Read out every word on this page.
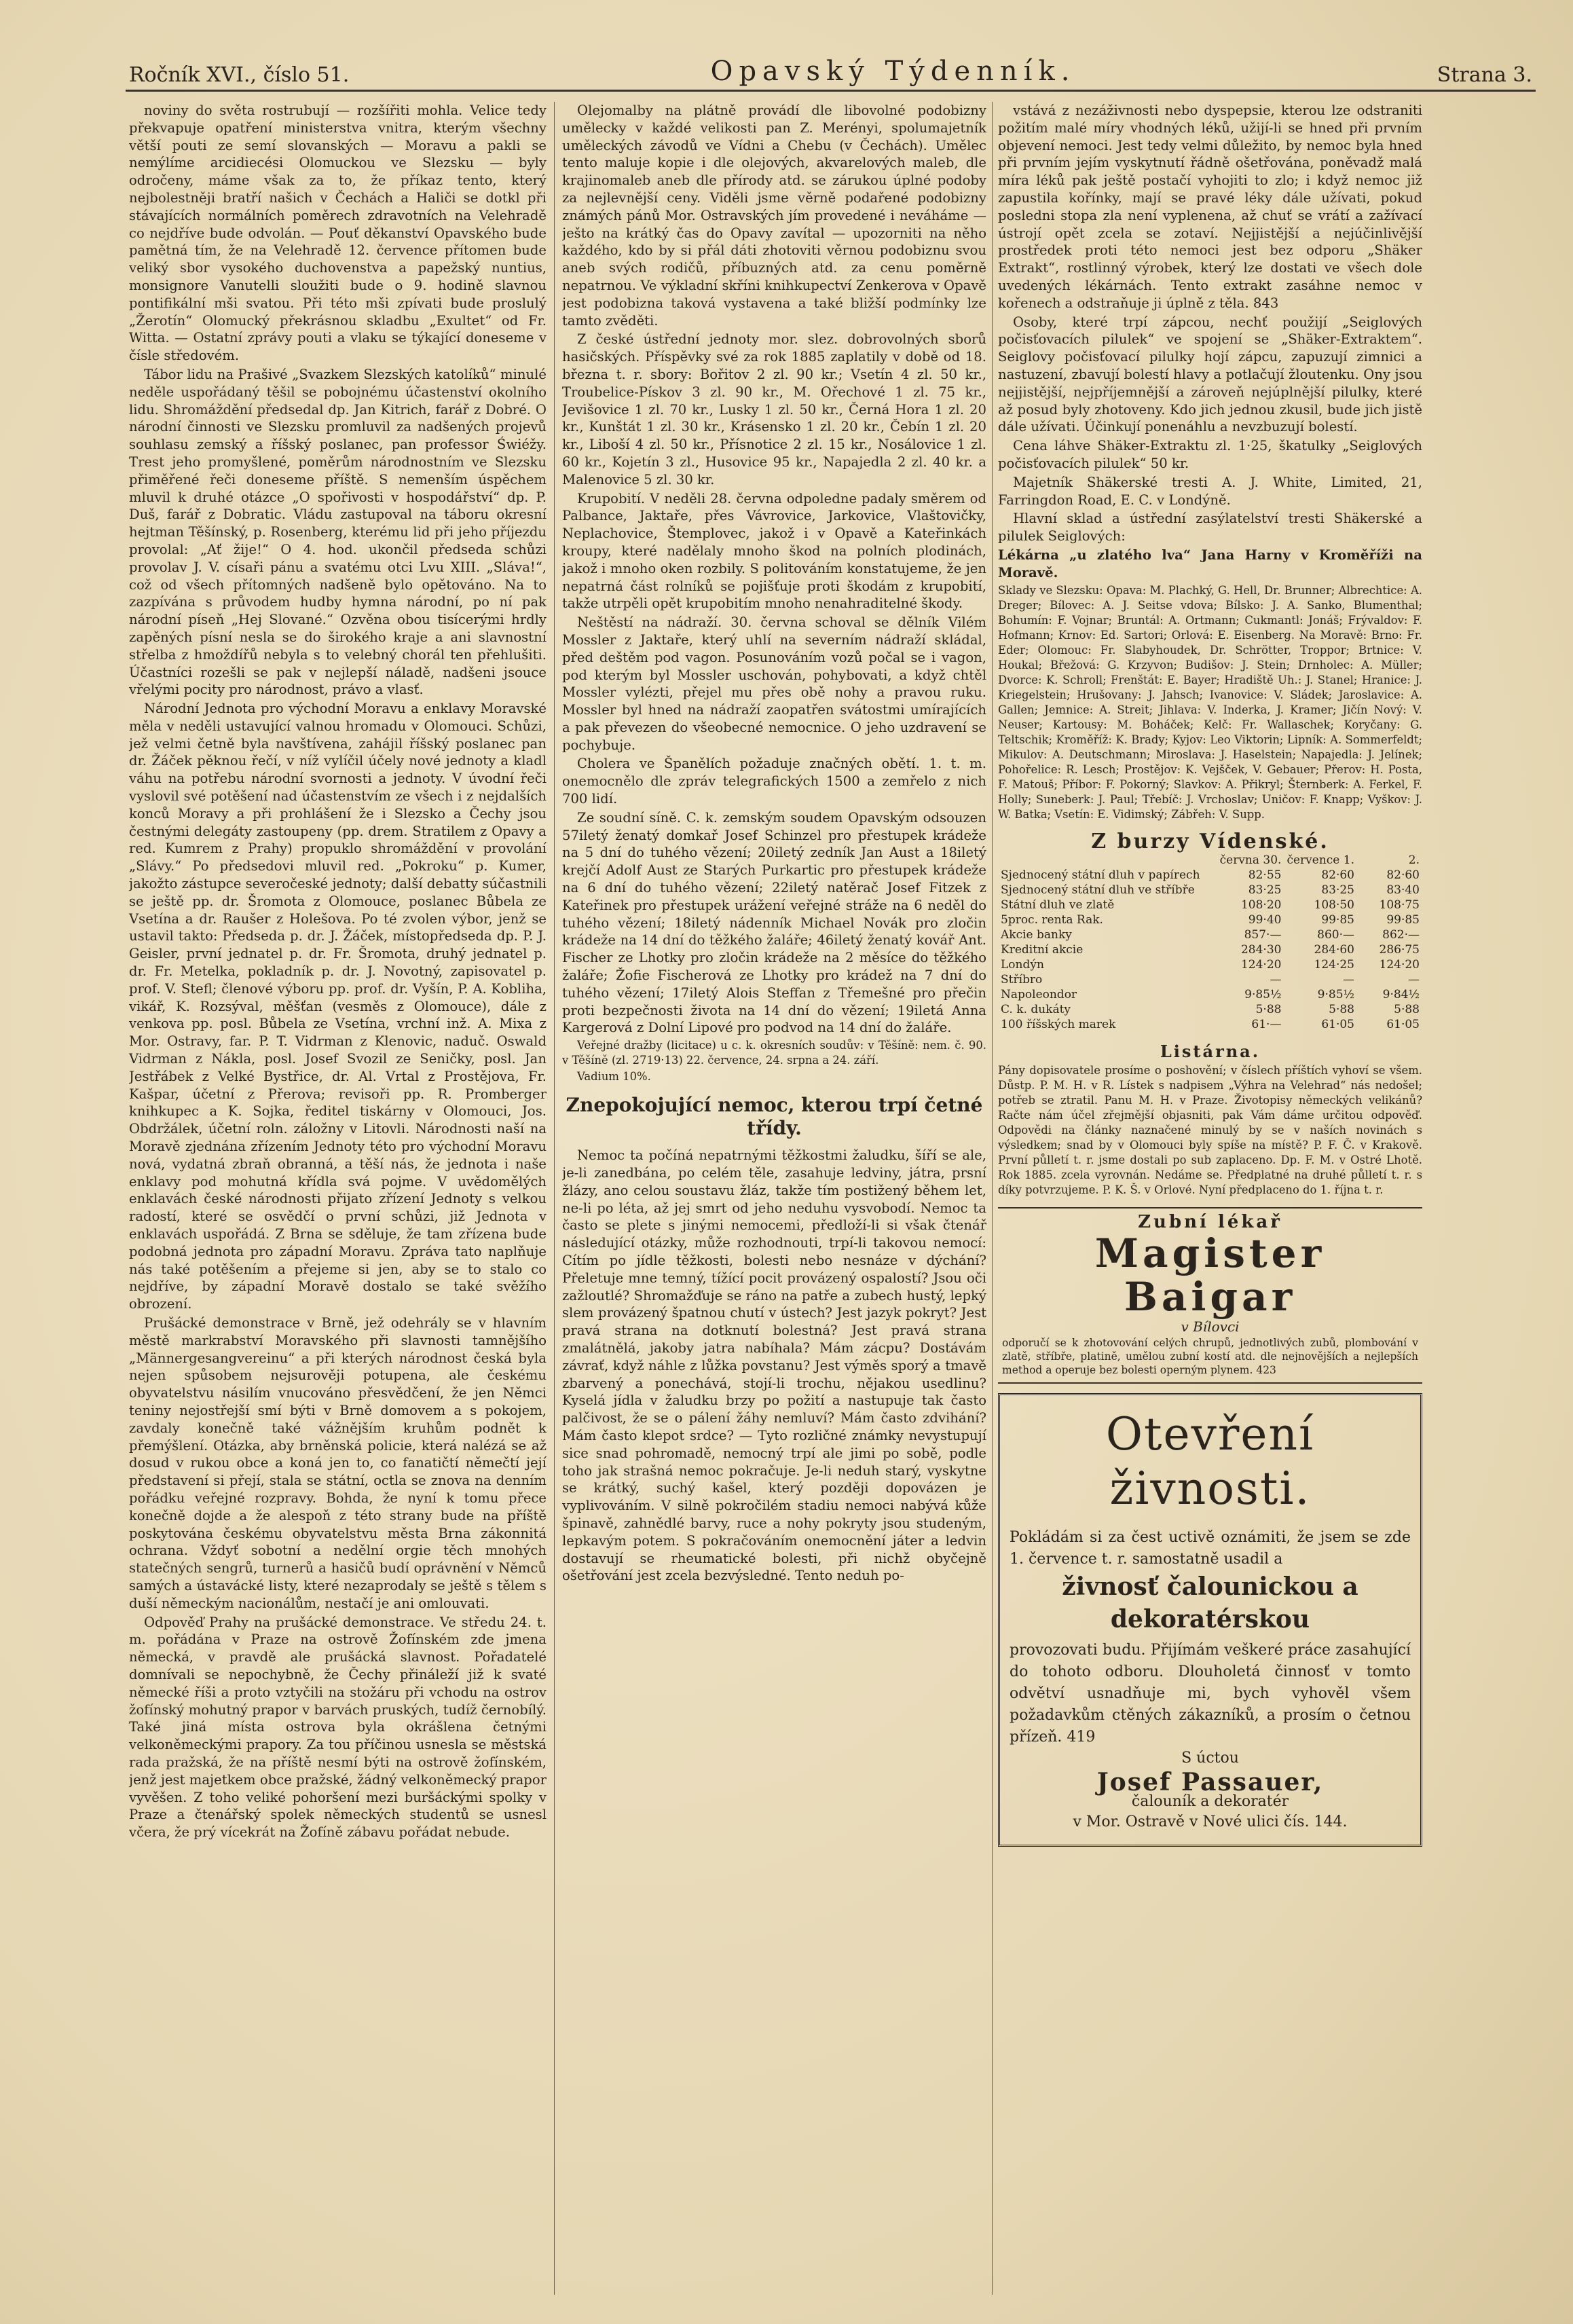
Ročník XVI., číslo 51.	Opavský Týdenník.	Strana 3.

noviny do světa rostrubují — rozšířiti mohla. Velice tedy překvapuje opatření ministerstva vnitra, kterým všechny větší pouti ze semí slovanských — Moravu a pakli se nemýlíme arcidiecési Olomuckou ve Slezsku — byly odročeny, máme však za to, že příkaz tento, který nejbolestněji bratří našich v Čechách a Haliči se dotkl při stávajících normálních poměrech zdravotních na Velehradě co nejdříve bude odvolán. — Pouť děkanství Opavského bude pamětná tím, že na Velehradě 12. července přítomen bude veliký sbor vysokého duchovenstva a papežský nuntius, monsignore Vanutelli sloužiti bude o 9. hodině slavnou pontifikální mši svatou. Při této mši zpívati bude proslulý „Žerotín“ Olomucký překrásnou skladbu „Exultet“ od Fr. Witta. — Ostatní zprávy pouti a vlaku se týkající doneseme v čísle středovém.

Tábor lidu na Prašivé „Svazkem Slezských katolíků“ minulé neděle uspořádaný těšil se pobojnému účastenství okolního lidu. Shromáždění předsedal dp. Jan Kitrich, farář z Dobré. O národní činnosti ve Slezsku promluvil za nadšených projevů souhlasu zemský a říšský poslanec, pan professor Świéžy. Trest jeho promyšlené, poměrům národnostním ve Slezsku přiměřené řeči doneseme příště. S nemenším úspěchem mluvil k druhé otázce „O spořivosti v hospodářství“ dp. P. Duš, farář z Dobratic. Vládu zastupoval na táboru okresní hejtman Těšínský, p. Rosenberg, kterému lid při jeho příjezdu provolal: „Ať žije!“ O 4. hod. ukončil předseda schůzi provolav J. V. císaři pánu a svatému otci Lvu XIII. „Sláva!“, což od všech přítomných nadšeně bylo opětováno. Na to zazpívána s průvodem hudby hymna národní, po ní pak národní píseň „Hej Slované.“ Ozvěna obou tisícerými hrdly zapěných písní nesla se do širokého kraje a ani slavnostní střelba z hmoždířů nebyla s to velebný chorál ten přehlušiti. Účastníci rozešli se pak v nejlepší náladě, nadšeni jsouce vřelými pocity pro národnost, právo a vlasť.

Národní Jednota pro východní Moravu a enklavy Moravské měla v neděli ustavující valnou hromadu v Olomouci. Schůzi, jež velmi četně byla navštívena, zahájil říšský poslanec pan dr. Žáček pěknou řečí, v níž vylíčil účely nové jednoty a kladl váhu na potřebu národní svornosti a jednoty. V úvodní řeči vyslovil své potěšení nad účastenstvím ze všech i z nejdalších konců Moravy a při prohlášení že i Slezsko a Čechy jsou čestnými delegáty zastoupeny (pp. drem. Stratilem z Opavy a red. Kumrem z Prahy) propuklo shromáždění v provolání „Slávy.“ Po předsedovi mluvil red. „Pokroku“ p. Kumer, jakožto zástupce severočeské jednoty; další debatty súčastnili se ještě pp. dr. Šromota z Olomouce, poslanec Bůbela ze Vsetína a dr. Raušer z Holešova. Po té zvolen výbor, jenž se ustavil takto: Předseda p. dr. J. Žáček, místopředseda dp. P. J. Geisler, první jednatel p. dr. Fr. Šromota, druhý jednatel p. dr. Fr. Metelka, pokladník p. dr. J. Novotný, zapisovatel p. prof. V. Stefl; členové výboru pp. prof. dr. Vyšín, P. A. Kobliha, vikář, K. Rozsýval, měšťan (vesměs z Olomouce), dále z venkova pp. posl. Bůbela ze Vsetína, vrchní inž. A. Mixa z Mor. Ostravy, far. P. T. Vidrman z Klenovic, naduč. Oswald Vidrman z Nákla, posl. Josef Svozil ze Seničky, posl. Jan Jestřábek z Velké Bystřice, dr. Al. Vrtal z Prostějova, Fr. Kašpar, účetní z Přerova; revisoři pp. R. Promberger knihkupec a K. Sojka, ředitel tiskárny v Olomouci, Jos. Obdržálek, účetní roln. záložny v Litovli. Národnosti naší na Moravě zjednána zřízením Jednoty této pro východní Moravu nová, vydatná zbraň obranná, a těší nás, že jednota i naše enklavy pod mohutná křídla svá pojme. V uvědomělých enklavách české národnosti přijato zřízení Jednoty s velkou radostí, které se osvědčí o první schůzi, již Jednota v enklavách uspořádá. Z Brna se sděluje, že tam zřízena bude podobná jednota pro západní Moravu. Zpráva tato naplňuje nás také potěšením a přejeme si jen, aby se to stalo co nejdříve, by západní Moravě dostalo se také svěžího obrození.

Prušácké demonstrace v Brně, jež odehrály se v hlavním městě markrabství Moravského při slavnosti tamnějšího „Männergesangvereinu“ a při kterých národnost česká byla nejen spůsobem nejsurověji potupena, ale českému obyvatelstvu násilím vnucováno přesvědčení, že jen Němci teniny nejostřejší smí býti v Brně domovem a s pokojem, zavdaly konečně také vážnějším kruhům podnět k přemýšlení. Otázka, aby brněnská policie, která nalézá se až dosud v rukou obce a koná jen to, co fanatičtí němečtí její představení si přejí, stala se státní, octla se znova na denním pořádku veřejné rozpravy. Bohda, že nyní k tomu přece konečně dojde a že alespoň z této strany bude na příště poskytována českému obyvatelstvu města Brna zákonnitá ochrana. Vždyť sobotní a nedělní orgie těch mnohých statečných sengrů, turnerů a hasičů budí oprávnění v Němců samých a ústavácké listy, které nezaprodaly se ještě s tělem s duší německým nacionálům, nestačí je ani omlouvati.

Odpověď Prahy na prušácké demonstrace. Ve středu 24. t. m. pořádána v Praze na ostrově Žofínském zde jmena německá, v pravdě ale prušácká slavnost. Pořadatelé domnívali se nepochybně, že Čechy přináleží již k svaté německé říši a proto vztyčili na stožáru při vchodu na ostrov žofínský mohutný prapor v barvách pruských, tudíž černobílý. Také jiná místa ostrova byla okrášlena četnými velkoněmeckými prapory. Za tou příčinou usnesla se městská rada pražská, že na příště nesmí býti na ostrově žofínském, jenž jest majetkem obce pražské, žádný velkoněmecký prapor vyvěšen. Z toho veliké pohoršení mezi buršáckými spolky v Praze a čtenářský spolek německých studentů se usnesl včera, že prý vícekrát na Žofíně zábavu pořádat nebude.

Olejomalby na plátně provádí dle libovolné podobizny umělecky v každé velikosti pan Z. Merényi, spolumajetník uměleckých závodů ve Vídni a Chebu (v Čechách). Umělec tento maluje kopie i dle olejových, akvarelových maleb, dle krajinomaleb aneb dle přírody atd. se zárukou úplné podoby za nejlevnější ceny. Viděli jsme věrně podařené podobizny známých pánů Mor. Ostravských jím provedené i neváháme — ješto na krátký čas do Opavy zavítal — upozorniti na něho každého, kdo by si přál dáti zhotoviti věrnou podobiznu svou aneb svých rodičů, příbuzných atd. za cenu poměrně nepatrnou. Ve výkladní skříni knihkupectví Zenkerova v Opavě jest podobizna taková vystavena a také bližší podmínky lze tamto zvěděti.

Z české ústřední jednoty mor. slez. dobrovolných sborů hasičských. Příspěvky své za rok 1885 zaplatily v době od 18. března t. r. sbory: Bořitov 2 zl. 90 kr.; Vsetín 4 zl. 50 kr., Troubelice-Pískov 3 zl. 90 kr., M. Ořechové 1 zl. 75 kr., Jevišovice 1 zl. 70 kr., Lusky 1 zl. 50 kr., Černá Hora 1 zl. 20 kr., Kunštát 1 zl. 30 kr., Krásensko 1 zl. 20 kr., Čebín 1 zl. 20 kr., Liboší 4 zl. 50 kr., Přísnotice 2 zl. 15 kr., Nosálovice 1 zl. 60 kr., Kojetín 3 zl., Husovice 95 kr., Napajedla 2 zl. 40 kr. a Malenovice 5 zl. 30 kr.

Krupobití. V neděli 28. června odpoledne padaly směrem od Palbance, Jaktaře, přes Vávrovice, Jarkovice, Vlaštovičky, Neplachovice, Štemplovec, jakož i v Opavě a Kateřinkách kroupy, které nadělaly mnoho škod na polních plodinách, jakož i mnoho oken rozbily. S politováním konstatujeme, že jen nepatrná část rolníků se pojišťuje proti škodám z krupobití, takže utrpěli opět krupobitím mnoho nenahraditelné škody.

Neštěstí na nádraží. 30. června schoval se dělník Vilém Mossler z Jaktaře, který uhlí na severním nádraží skládal, před deštěm pod vagon. Posunováním vozů počal se i vagon, pod kterým byl Mossler uschován, pohybovati, a když chtěl Mossler vylézti, přejel mu přes obě nohy a pravou ruku. Mossler byl hned na nádraží zaopatřen svátostmi umírajících a pak převezen do všeobecné nemocnice. O jeho uzdravení se pochybuje.

Cholera ve Španělích požaduje značných obětí. 1. t. m. onemocnělo dle zpráv telegrafických 1500 a zemřelo z nich 700 lidí.

Ze soudní síně. C. k. zemským soudem Opavským odsouzen 57iletý ženatý domkař Josef Schinzel pro přestupek krádeže na 5 dní do tuhého vězení; 20iletý zedník Jan Aust a 18iletý krejčí Adolf Aust ze Starých Purkartic pro přestupek krádeže na 6 dní do tuhého vězení; 22iletý natěrač Josef Fitzek z Kateřinek pro přestupek urážení veřejné stráže na 6 neděl do tuhého vězení; 18iletý nádenník Michael Novák pro zločin krádeže na 14 dní do těžkého žaláře; 46iletý ženatý kovář Ant. Fischer ze Lhotky pro zločin krádeže na 2 měsíce do těžkého žaláře; Žofie Fischerová ze Lhotky pro krádež na 7 dní do tuhého vězení; 17iletý Alois Steffan z Třemešné pro přečin proti bezpečnosti života na 14 dní do vězení; 19iletá Anna Kargerová z Dolní Lipové pro podvod na 14 dní do žaláře.

Veřejné dražby (licitace) u c. k. okresních soudův: v Těšíně: nem. č. 90. v Těšíně (zl. 2719·13) 22. července, 24. srpna a 24. září.

Vadium 10%.

Znepokojující nemoc, kterou trpí četné třídy.

Nemoc ta počíná nepatrnými těžkostmi žaludku, šíří se ale, je-li zanedbána, po celém těle, zasahuje ledviny, játra, prsní žlázy, ano celou soustavu žláz, takže tím postižený během let, ne-li po léta, až jej smrt od jeho neduhu vysvobodí. Nemoc ta často se plete s jinými nemocemi, předloží-li si však čtenář následující otázky, může rozhodnouti, trpí-li takovou nemocí: Cítím po jídle těžkosti, bolesti nebo nesnáze v dýchání? Přeletuje mne temný, tížící pocit provázený ospalostí? Jsou oči zažloutlé? Shromažďuje se ráno na patře a zubech hustý, lepký slem provázený špatnou chutí v ústech? Jest jazyk pokryt? Jest pravá strana na dotknutí bolestná? Jest pravá strana zmalátnělá, jakoby jatra nabíhala? Mám zácpu? Dostávám závrať, když náhle z lůžka povstanu? Jest výměs sporý a tmavě zbarvený a ponechává, stojí-li trochu, nějakou usedlinu? Kyselá jídla v žaludku brzy po požití a nastupuje tak často palčivost, že se o pálení žáhy nemluví? Mám často zdvihání? Mám často klepot srdce? — Tyto rozličné známky nevystupují sice snad pohromadě, nemocný trpí ale jimi po sobě, podle toho jak strašná nemoc pokračuje. Je-li neduh starý, vyskytne se krátký, suchý kašel, který později dopovázen je vyplivováním. V silně pokročilém stadiu nemoci nabývá kůže špinavě, zahnědlé barvy, ruce a nohy pokryty jsou studeným, lepkavým potem. S pokračováním onemocnění játer a ledvin dostavují se rheumatické bolesti, při nichž obyčejně ošetřování jest zcela bezvýsledné. Tento neduh po-

vstává z nezáživnosti nebo dyspepsie, kterou lze odstraniti požitím malé míry vhodných léků, užijí-li se hned při prvním objevení nemoci. Jest tedy velmi důležito, by nemoc byla hned při prvním jejím vyskytnutí řádně ošetřována, poněvadž malá míra léků pak ještě postačí vyhojiti to zlo; i když nemoc již zapustila kořínky, mají se pravé léky dále užívati, pokud posledni stopa zla není vyplenena, až chuť se vrátí a zažívací ústrojí opět zcela se zotaví. Nejjistější a nejúčinlivější prostředek proti této nemoci jest bez odporu „Shäker Extrakt“, rostlinný výrobek, který lze dostati ve všech dole uvedených lékárnách. Tento extrakt zasáhne nemoc v kořenech a odstraňuje ji úplně z těla. 843

Osoby, které trpí zápcou, nechť použijí „Seiglových počisťovacích pilulek“ ve spojení se „Shäker-Extraktem“. Seiglovy počisťovací pilulky hojí zápcu, zapuzují zimnici a nastuzení, zbavují bolestí hlavy a potlačují žloutenku. Ony jsou nejjistější, nejpříjemnější a zároveň nejúplnější pilulky, které až posud byly zhotoveny. Kdo jich jednou zkusil, bude jich jistě dále užívati. Účinkují ponenáhlu a nevzbuzují bolestí.

Cena láhve Shäker-Extraktu zl. 1·25, škatulky „Seiglových počisťovacích pilulek“ 50 kr.

Majetník Shäkerské tresti A. J. White, Limited, 21, Farringdon Road, E. C. v Londýně.

Hlavní sklad a ústřední zasýlatelství tresti Shäkerské a pilulek Seiglových:

Lékárna „u zlatého lva“ Jana Harny v Kroměříži na Moravě.

Sklady ve Slezsku: Opava: M. Plachký, G. Hell, Dr. Brunner; Albrechtice: A. Dreger; Bílovec: A. J. Seitse vdova; Bílsko: J. A. Sanko, Blumenthal; Bohumín: F. Vojnar; Bruntál: A. Ortmann; Cukmantl: Jonáš; Frývaldov: F. Hofmann; Krnov: Ed. Sartori; Orlová: E. Eisenberg. Na Moravě: Brno: Fr. Eder; Olomouc: Fr. Slabyhoudek, Dr. Schrötter, Troppor; Brtnice: V. Houkal; Břežová: G. Krzyvon; Budišov: J. Stein; Drnholec: A. Müller; Dvorce: K. Schroll; Frenštát: E. Bayer; Hradiště Uh.: J. Stanel; Hranice: J. Kriegelstein; Hrušovany: J. Jahsch; Ivanovice: V. Sládek; Jaroslavice: A. Gallen; Jemnice: A. Streit; Jihlava: V. Inderka, J. Kramer; Jičín Nový: V. Neuser; Kartousy: M. Boháček; Kelč: Fr. Wallaschek; Koryčany: G. Teltschik; Kroměříž: K. Brady; Kyjov: Leo Viktorin; Lipník: A. Sommerfeldt; Mikulov: A. Deutschmann; Miroslava: J. Haselstein; Napajedla: J. Jelínek; Pohořelice: R. Lesch; Prostějov: K. Vejšček, V. Gebauer; Přerov: H. Posta, F. Matouš; Příbor: F. Pokorný; Slavkov: A. Přikryl; Šternberk: A. Ferkel, F. Holly; Suneberk: J. Paul; Třebíč: J. Vrchoslav; Uničov: F. Knapp; Vyškov: J. W. Batka; Vsetín: E. Vidimský; Zábřeh: V. Supp.

Z burzy Vídenské.
	června 30.	července 1.	2.
Sjednocený státní dluh v papírech	82·55	82·60	82·60
Sjednocený státní dluh ve stříbře	83·25	83·25	83·40
Státní dluh ve zlatě	108·20	108·50	108·75
5proc. renta Rak.	99·40	99·85	99·85
Akcie banky	857·—	860·—	862·—
Kreditní akcie	284·30	284·60	286·75
Londýn	124·20	124·25	124·20
Stříbro	—	—	—
Napoleondor	9·85½	9·85½	9·84½
C. k. dukáty	5·88	5·88	5·88
100 říšských marek	61·—	61·05	61·05
Listárna.

Pány dopisovatele prosíme o poshovění; v číslech příštích vyhoví se všem. Důstp. P. M. H. v R. Lístek s nadpisem „Výhra na Velehrad“ nás nedošel; potřeb se ztratil. Panu M. H. v Praze. Životopisy německých velikánů? Račte nám účel zřejmější objasniti, pak Vám dáme určitou odpověď. Odpovědi na články naznačené minulý by se v naších novinách s výsledkem; snad by v Olomouci byly spíše na místě? P. F. Č. v Krakově. První půlletí t. r. jsme dostali po sub zaplaceno. Dp. F. M. v Ostré Lhotě. Rok 1885. zcela vyrovnán. Nedáme se. Předplatné na druhé půlletí t. r. s díky potvrzujeme. P. K. Š. v Orlové. Nyní předplaceno do 1. října t. r.

Zubní lékař
Magister Baigar
v Bílovci
odporučí se k zhotovování celých chrupů, jednotlivých zubů, plombování v zlatě, stříbře, platině, umělou zubní kostí atd. dle nejnovějších a nejlepších method a operuje bez bolesti operným plynem. 423
Otevření živnosti.
Pokládám si za čest uctivě oznámiti, že jsem se zde 1. července t. r. samostatně usadil a
živnosť čalounickou a dekoratérskou
provozovati budu. Přijímám veškeré práce zasahující do tohoto odboru. Dlouholetá činnosť v tomto odvětví usnadňuje mi, bych vyhověl všem požadavkům ctěných zákazníků, a prosím o četnou přízeň. 419
S úctou
Josef Passauer,
čalouník a dekoratér
v Mor. Ostravě v Nové ulici čís. 144.
